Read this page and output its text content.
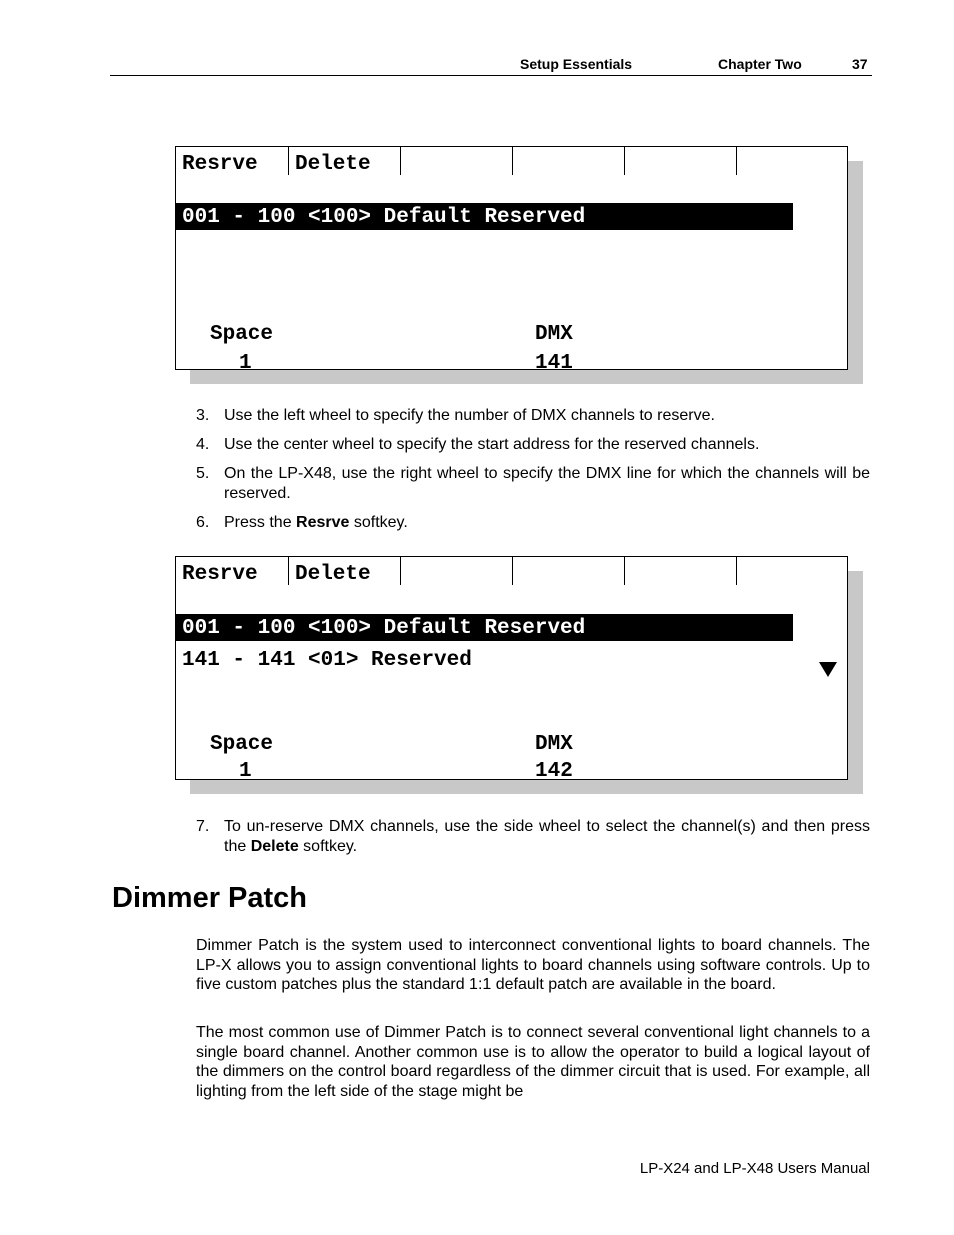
Setup Essentials	Chapter Two	37
Resrve Delete
001 - 100 <100> Default Reserved
Space
1
DMX
141
3. Use the left wheel to specify the number of DMX channels to reserve.
4. Use the center wheel to specify the start address for the reserved channels.
5. On the LP-X48, use the right wheel to specify the DMX line for which the channels will be reserved.
6. Press the Resrve softkey.
Resrve Delete
001 - 100 <100> Default Reserved
141 - 141 <01> Reserved
Space
1
DMX
142
7. To un-reserve DMX channels, use the side wheel to select the channel(s) and then press the Delete softkey.
Dimmer Patch
Dimmer Patch is the system used to interconnect conventional lights to board channels. The LP-X allows you to assign conventional lights to board channels using software controls. Up to five custom patches plus the standard 1:1 default patch are available in the board.
The most common use of Dimmer Patch is to connect several conventional light channels to a single board channel. Another common use is to allow the operator to build a logical layout of the dimmers on the control board regardless of the dimmer circuit that is used. For example, all lighting from the left side of the stage might be
LP-X24 and LP-X48 Users Manual
